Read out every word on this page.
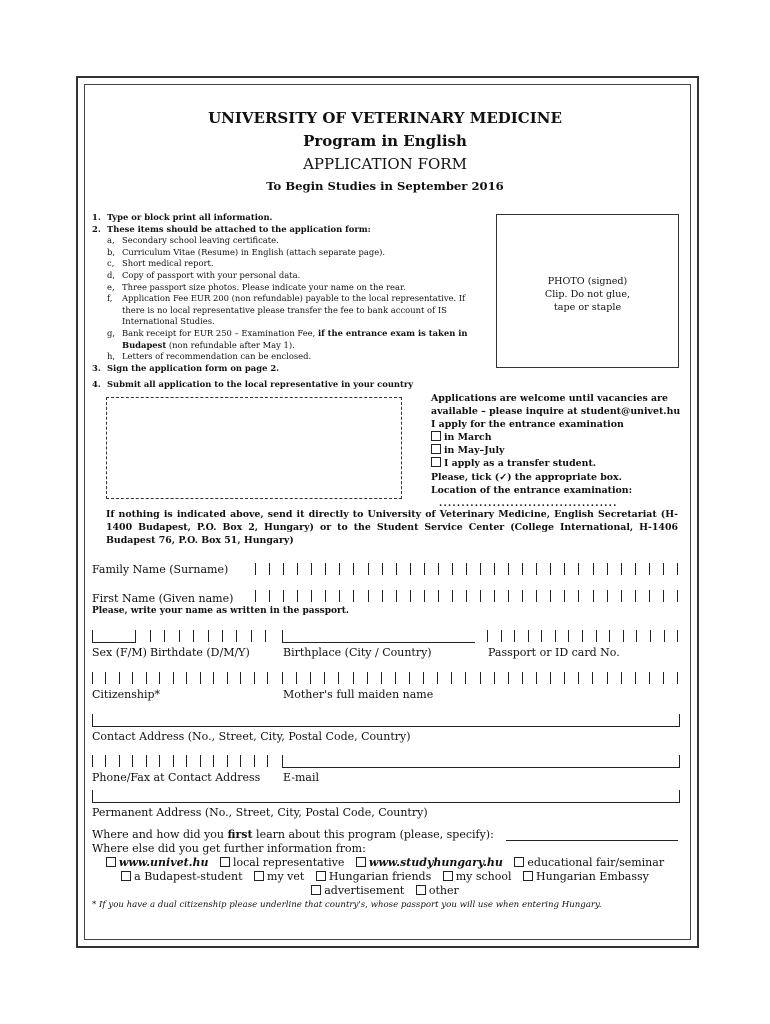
UNIVERSITY OF VETERINARY MEDICINE
Program in English
APPLICATION FORM
To Begin Studies in September 2016
1. Type or block print all information.
2. These items should be attached to the application form:
a, Secondary school leaving certificate.
b, Curriculum Vitae (Resume) in English (attach separate page).
c, Short medical report.
d, Copy of passport with your personal data.
e, Three passport size photos. Please indicate your name on the rear.
f,	Application Fee EUR 200 (non refundable) payable to the local representative. If there is no local representative please transfer the fee to bank account of IS International Studies.
g, Bank receipt for EUR 250 – Examination Fee, if the entrance exam is taken in Budapest (non refundable after May 1).
h, Letters of recommendation can be enclosed.
3. Sign the application form on page 2.
4. Submit all application to the local representative in your country
PHOTO (signed)
Clip. Do not glue,
tape or staple
Applications are welcome until vacancies are
available – please inquire at student@univet.hu
I apply for the entrance examination
in March
in May–July
I apply as a transfer student.
Please, tick (✓) the appropriate box.
Location of the entrance examination:
........................................
If nothing is indicated above, send it directly to University of Veterinary Medicine, English Secretariat (H-1400 Budapest, P.O. Box 2, Hungary) or to the Student Service Center (College International, H-1406 Budapest 76, P.O. Box 51, Hungary)
Family Name (Surname)
First Name (Given name)
Please, write your name as written in the passport.
Sex (F/M) Birthdate (D/M/Y)	Birthplace (City / Country)	Passport or ID card No.
Citizenship*	Mother's full maiden name
Contact Address (No., Street, City, Postal Code, Country)
Phone/Fax at Contact Address E-mail
Permanent Address (No., Street, City, Postal Code, Country)
Where and how did you first learn about this program (please, specify):
Where else did you get further information from:
www.univet.hu local representative www.studyhungary.hu educational fair/seminar
a Budapest-student my vet Hungarian friends my school Hungarian Embassy
advertisement other
* If you have a dual citizenship please underline that country's, whose passport you will use when entering Hungary.
